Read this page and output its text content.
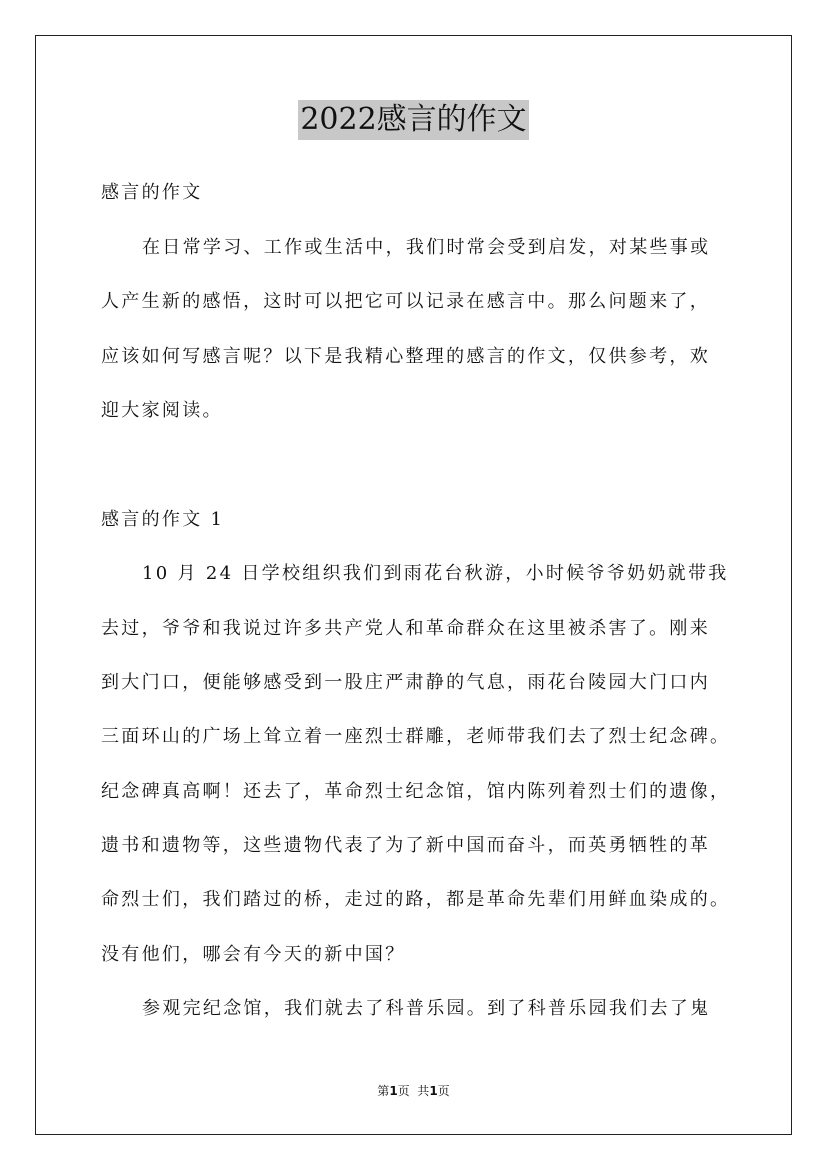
2022感言的作文
感言的作文
在日常学习、工作或生活中，我们时常会受到启发，对某些事或
人产生新的感悟，这时可以把它可以记录在感言中。那么问题来了，
应该如何写感言呢？以下是我精心整理的感言的作文，仅供参考，欢
迎大家阅读。
感言的作文 1
10 月 24 日学校组织我们到雨花台秋游，小时候爷爷奶奶就带我
去过，爷爷和我说过许多共产党人和革命群众在这里被杀害了。刚来
到大门口，便能够感受到一股庄严肃静的气息，雨花台陵园大门口内
三面环山的广场上耸立着一座烈士群雕，老师带我们去了烈士纪念碑。
纪念碑真高啊！还去了，革命烈士纪念馆，馆内陈列着烈士们的遗像，
遗书和遗物等，这些遗物代表了为了新中国而奋斗，而英勇牺牲的革
命烈士们，我们踏过的桥，走过的路，都是革命先辈们用鲜血染成的。
没有他们，哪会有今天的新中国？
参观完纪念馆，我们就去了科普乐园。到了科普乐园我们去了鬼
第1页  共1页
